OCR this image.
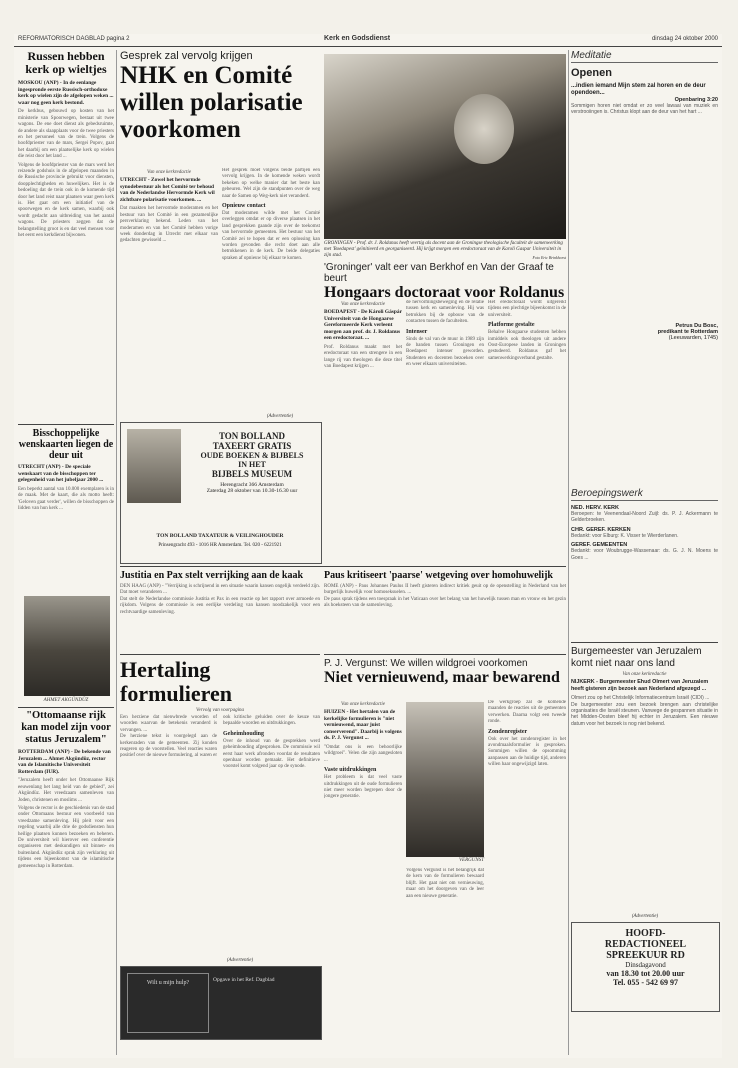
REFORMATORISCH DAGBLAD pagina 2	Kerk en Godsdienst	dinsdag 24 oktober 2000
Russen hebben kerk op wieltjes

MOSKOU (ANP) - In de eenlange ingespronde eerste Russisch-orthodoxe kerk op wielen zijn de afgelopen weken ... waar nog geen kerk bestond.

De kerkbus, gebouwd op kosten van het ministerie van Spoorwegen, bestaat uit twee wagons. De ene doet dienst als gebedsruimte, de andere als slaapplaats voor de twee priesters en het personeel van de trein. Volgens de hoofdpriester van de mars, Sergei Popov, gaat het daarbij om een plaatselijke kerk op wielen die reist door het land ...

Volgens de hoofdpriester van de mars werd het reizende godshuis in de afgelopen maanden in de Russische provincie gebruikt voor diensten, doopplechtigheden en huwelijken. Het is de bedoeling dat de trein ook in de komende tijd door het land reist naar plaatsen waar geen kerk is. Het gaat om een initiatief van de spoorwegen en de kerk samen, waarbij ook wordt gedacht aan uitbreiding van het aantal wagons. De priesters zeggen dat de belangstelling groot is en dat veel mensen voor het eerst een kerkdienst bijwonen.

Bisschoppelijke wenskaarten liegen de deur uit

UTRECHT (ANP) - De speciale wenskaart van de bisschoppen ter gelegenheid van het jubeljaar 2000 ...

Een beperkt aantal van 10.000 exemplaren is in de maak. Met de kaart, die als motto heeft: 'Geloven gaat verder', willen de bisschoppen de lidden van hun kerk ...

AHMET AKGÜNDÜZ
"Ottomaanse rijk kan model zijn voor status Jeruzalem"

ROTTERDAM (ANP) - De bekende van Jeruzalem ... Ahmet Akgündüz, rector van de Islamitische Universiteit Rotterdam (IUR).

"Jeruzalem heeft onder het Ottomaanse Rijk eeuwenlang het lang heid van de gebied", zei Akgündüz. Het vreedzaam samenleven van Joden, christenen en moslims ...

Volgens de rector is de geschiedenis van de stad onder Ottomaans bestuur een voorbeeld van vreedzame samenleving. Hij pleit voor een regeling waarbij alle drie de godsdiensten hun heilige plaatsen kunnen bezoeken en beheren. De universiteit wil hierover een conferentie organiseren met deskundigen uit binnen- en buitenland. Akgündüz sprak zijn verklaring uit tijdens een bijeenkomst van de islamitische gemeenschap in Rotterdam.

Gesprek zal vervolg krijgen
NHK en Comité willen polarisatie voorkomen
Van onze kerkredactie

UTRECHT - Zowel het hervormde synodebestuur als het Comité ter behoud van de Nederlandse Hervormde Kerk wil zichtbare polarisatie voorkomen. ...

Dat maakten het hervormde moderamen en het bestuur van het Comité in een gezamenlijke persverklaring bekend. Leden van het moderamen en van het Comité hebben vorige week donderdag in Utrecht met elkaar van gedachten gewisseld ...

Het gesprek moet volgens beide partijen een vervolg krijgen. In de komende weken wordt bekeken op welke manier dat het beste kan gebeuren. Wel zijn de standpunten over de weg naar de Samen op Weg-kerk niet veranderd.

Opnieuw contact

Dat moderamen wilde met het Comité overleggen omdat er op diverse plaatsen in het land gesprekken gaande zijn over de toekomst van hervormde gemeenten. Het bestuur van het Comité zei te hopen dat er een oplossing kan worden gevonden die recht doet aan alle betrokkenen in de kerk. De beide delegaties spraken af opnieuw bij elkaar te komen.

GRONINGEN - Prof. dr. J. Roldanus heeft veertig als docent aan de Groningse theologische faculteit de samenwerking met 'Boedapest' geïnitieerd en georganiseerd. Hij krijgt morgen een eredoctoraat van de Karoli Gaspar Universiteit in zijn stad.	Foto Eric Brinkhorst
'Groninger' valt eer van Berkhof en Van der Graaf te beurt
Hongaars doctoraat voor Roldanus
Van onze kerkredactie

BOEDAPEST - De Károli Gáspár Universiteit van de Hongaarse Gereformeerde Kerk verleent morgen aan prof. dr. J. Roldanus een eredoctoraat. ...

Prof. Roldanus maakt met het eredoctoraat van een strengere in een lange rij van theologen die deze titel van Boedapest krijgen ...

de hervormingsbeweging en de relatie tussen kerk en samenleving. Hij was betrokken bij de opbouw van de contacten tussen de faculteiten.

Intenser

Sinds de val van de muur in 1989 zijn de banden tussen Groningen en Boedapest intenser geworden. Studenten en docenten bezoeken over en weer elkaars universiteiten.

Het eredoctoraat wordt uitgereikt tijdens een plechtige bijeenkomst in de universiteit.

Platforme gestalte

Behalve Hongaarse studenten hebben inmiddels ook theologen uit andere Oost-Europese landen in Groningen gestudeerd. Roldanus gaf het samenwerkingsverband gestalte.

(Advertentie)
TON BOLLAND
TAXEERT GRATIS
OUDE BOEKEN & BIJBELS
IN HET
BIJBELS MUSEUM
Herengracht 366 Amsterdam
Zaterdag 28 oktober van 10.30-16.30 uur
TON BOLLAND TAXATEUR & VEILINGHOUDER
Prinsengracht 493 - 1016 HR Amsterdam. Tel. 020 - 6221921
Justitia en Pax stelt verrijking aan de kaak

DEN HAAG (ANP) - "Verrijking is schrijnend in een situatie waarin kansen ongelijk verdeeld zijn. Dat moet veranderen ...

Dat stelt de Nederlandse commissie Justitia et Pax in een reactie op het rapport over armoede en rijkdom. Volgens de commissie is een eerlijke verdeling van kansen noodzakelijk voor een rechtvaardige samenleving.

Paus kritiseert 'paarse' wetgeving over homohuwelijk

ROME (ANP) - Paus Johannes Paulus II heeft gisteren indirect kritiek geuit op de openstelling in Nederland van het burgerlijk huwelijk voor homoseksuelen. ...

De paus sprak tijdens een toespraak in het Vaticaan over het belang van het huwelijk tussen man en vrouw en het gezin als hoeksteen van de samenleving.

Hertaling formulieren
Vervolg van voorpagina

Een herziene dat nienwbrede woorden of woorden waarvan de betekenis veranderd is vervangen. ...

De herziene tekst is voorgelegd aan de kerkenraden van de gemeenten. Zij konden reageren op de voorstellen. Veel reacties waren positief over de nieuwe formulering, al waren er ook kritische geluiden over de keuze van bepaalde woorden en uitdrukkingen.

Geheimhouding

Over de inhoud van de gesprekken werd geheimhouding afgesproken. De commissie wil eerst haar werk afronden voordat de resultaten openbaar worden gemaakt. Het definitieve voorstel komt volgend jaar op de synode.

P. J. Vergunst: We willen wildgroei voorkomen
Niet vernieuwend, maar bewarend
Van onze kerkredactie

HUIZEN - Het hertalen van de kerkelijke formulieren is "niet vernieuwend, maar juist conserverend". Daarbij is volgens ds. P. J. Vergunst ...

"Omdat ons is een behoorlijke wildgroei". Velen die zijn aangesloten ...

Vaste uitdrukkingen

Het probleem is dat veel vaste uitdrukkingen uit de oude formulieren niet meer worden begrepen door de jongere generatie.

VERGUNST

Volgens Vergunst is het belangrijk dat de kern van de formulieren bewaard blijft. Het gaat niet om vernieuwing, maar om het doorgeven van de leer aan een nieuwe generatie.

De werkgroep zal de komende maanden de reacties uit de gemeenten verwerken. Daarna volgt een tweede ronde.

Zondenregister

Ook over het zondenregister in het avondmaalsformulier is gesproken. Sommigen willen de opsomming aanpassen aan de huidige tijd, anderen willen haar ongewijzigd laten.

(Advertentie)
Wilt u mijn hulp?	Opgave in het Ref. Dagblad
Meditatie
Openen
...indien iemand Mijn stem zal horen en de deur opendoen...
Openbaring 3:20

Sommigen horen niet omdat er zo veel lawaai van muziek en verstrooiingen is. Christus klopt aan de deur van het hart ...

Petrus Du Bosc,
predikant te Rotterdam
(Leeuwarden, 1745)
Beroepingswerk
NED. HERV. KERK

Beroepen: te Veenendaal-Noord Zuijl: ds. P. J. Ackermann te Gelderbroeken.

CHR. GEREF. KERKEN

Bedankt: voor Elburg: K. Visser te Wierderlanen.

GEREF. GEMEENTEN

Bedankt: voor Woubrugge-Wassenaar: ds. G. J. N. Moens te Goes ...

Burgemeester van Jeruzalem komt niet naar ons land
Van onze kerkredactie

NIJKERK - Burgemeester Ehud Olmert van Jeruzalem heeft gisteren zijn bezoek aan Nederland afgezegd ...

Olmert zou op het Christelijk Informatiecentrum Israël (CIDI) ...

De burgemeester zou een bezoek brengen aan christelijke organisaties die Israël steunen. Vanwege de gespannen situatie in het Midden-Oosten bleef hij echter in Jeruzalem. Een nieuwe datum voor het bezoek is nog niet bekend.

(Advertentie)
HOOFD-
REDACTIONEEL
SPREEKUUR RD
Dinsdagavond
van 18.30 tot 20.00 uur
Tel. 055 - 542 69 97
